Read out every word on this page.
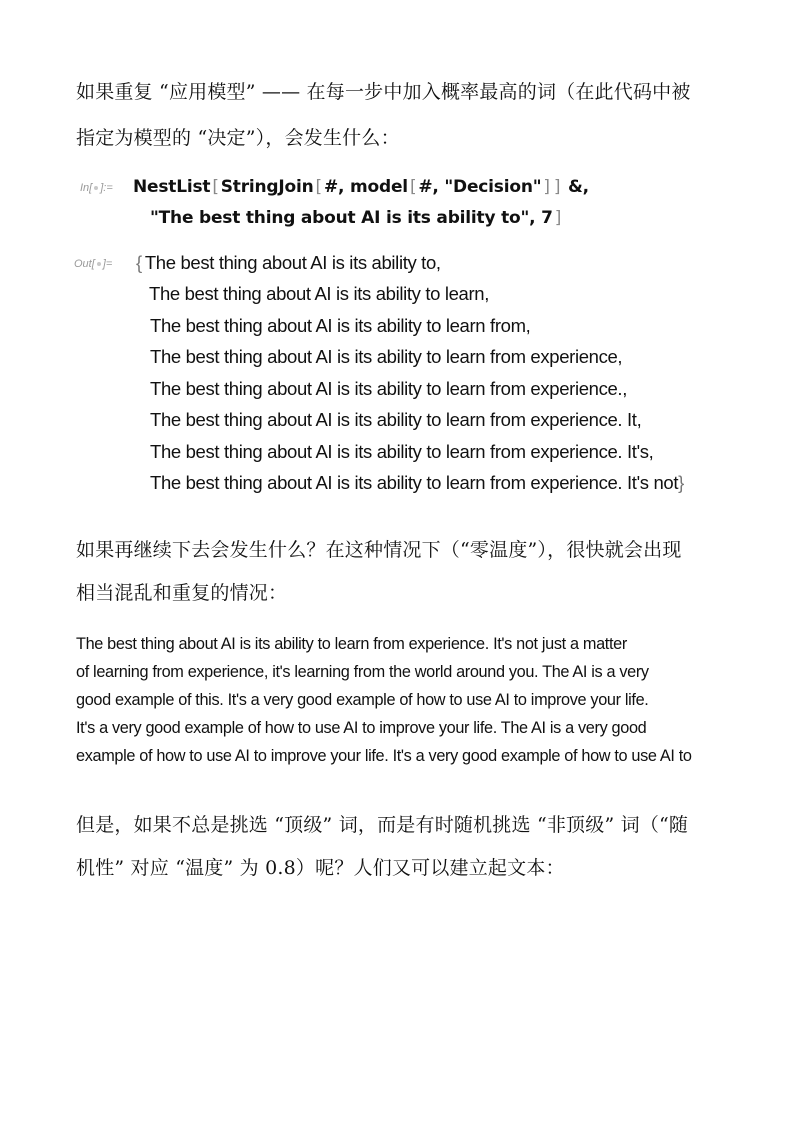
如果重复 “应用模型” —— 在每一步中加入概率最高的词（在此代码中被
指定为模型的 “决定”），会发生什么：
In[ ]:= NestList [ StringJoin [ #, model [ #, "Decision" ] ] &,
"The best thing about AI is its ability to", 7 ]
Out[ ]= { The best thing about AI is its ability to,
The best thing about AI is its ability to learn,
The best thing about AI is its ability to learn from,
The best thing about AI is its ability to learn from experience,
The best thing about AI is its ability to learn from experience.,
The best thing about AI is its ability to learn from experience. It,
The best thing about AI is its ability to learn from experience. It's,
The best thing about AI is its ability to learn from experience. It's not}
如果再继续下去会发生什么？在这种情况下（“零温度”），很快就会出现
相当混乱和重复的情况：
The best thing about AI is its ability to learn from experience. It's not just a matter
of learning from experience, it's learning from the world around you. The AI is a very
good example of this. It's a very good example of how to use AI to improve your life.
It's a very good example of how to use AI to improve your life. The AI is a very good
example of how to use AI to improve your life. It's a very good example of how to use AI to
但是，如果不总是挑选 “顶级” 词，而是有时随机挑选 “非顶级” 词（“随
机性” 对应 “温度” 为 0.8）呢？人们又可以建立起文本：
